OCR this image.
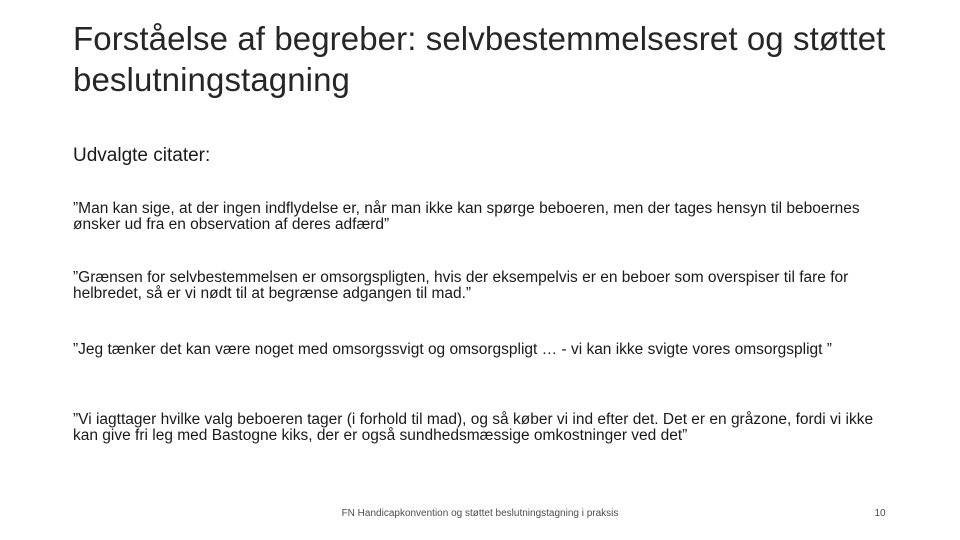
Forståelse af begreber: selvbestemmelsesret og støttet beslutningstagning
Udvalgte citater:

”Man kan sige, at der ingen indflydelse er, når man ikke kan spørge beboeren, men der tages hensyn til beboernes ønsker ud fra en observation af deres adfærd”

”Grænsen for selvbestemmelsen er omsorgspligten, hvis der eksempelvis er en beboer som overspiser til fare for helbredet, så er vi nødt til at begrænse adgangen til mad.”

”Jeg tænker det kan være noget med omsorgssvigt og omsorgspligt … - vi kan ikke svigte vores omsorgspligt ”

”Vi iagttager hvilke valg beboeren tager (i forhold til mad), og så køber vi ind efter det. Det er en gråzone, fordi vi ikke kan give fri leg med Bastogne kiks, der er også sundhedsmæssige omkostninger ved det”

FN Handicapkonvention og støttet beslutningstagning i praksis	10
